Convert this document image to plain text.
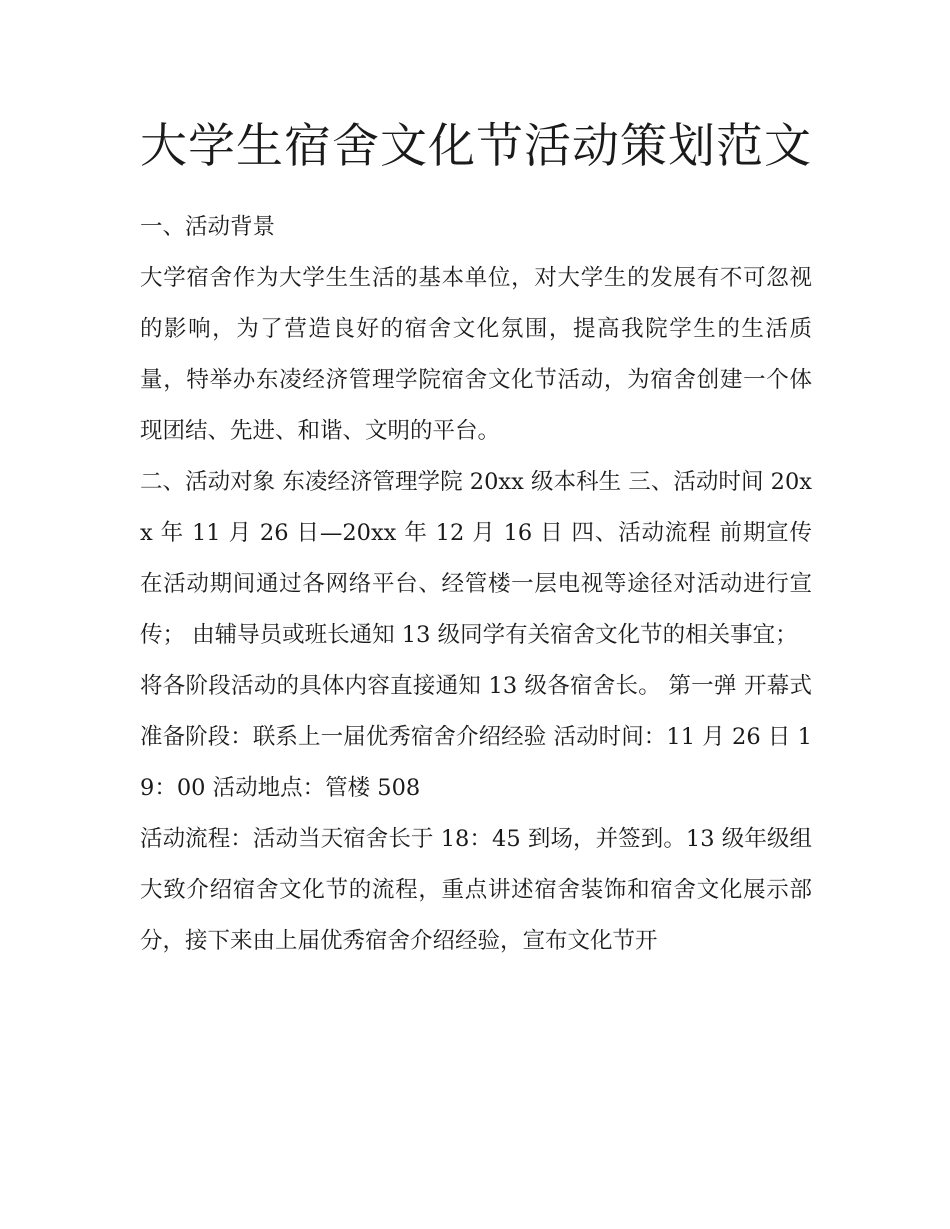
大学生宿舍文化节活动策划范文

一、活动背景

大学宿舍作为大学生生活的基本单位，对大学生的发展有不可忽视的影响，为了营造良好的宿舍文化氛围，提高我院学生的生活质量，特举办东凌经济管理学院宿舍文化节活动，为宿舍创建一个体现团结、先进、和谐、文明的平台。

二、活动对象 东凌经济管理学院 20xx 级本科生 三、活动时间 20xx 年 11 月 26 日—20xx 年 12 月 16 日 四、活动流程 前期宣传 在活动期间通过各网络平台、经管楼一层电视等途径对活动进行宣传； 由辅导员或班长通知 13 级同学有关宿舍文化节的相关事宜；

将各阶段活动的具体内容直接通知 13 级各宿舍长。 第一弹 开幕式 准备阶段：联系上一届优秀宿舍介绍经验 活动时间：11 月 26 日 19：00 活动地点：管楼 508

活动流程：活动当天宿舍长于 18：45 到场，并签到。13 级年级组大致介绍宿舍文化节的流程，重点讲述宿舍装饰和宿舍文化展示部分，接下来由上届优秀宿舍介绍经验，宣布文化节开
